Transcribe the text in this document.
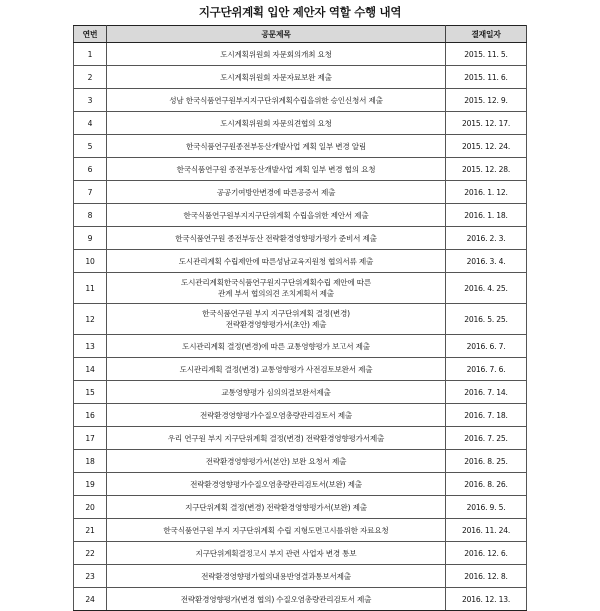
지구단위계획 입안 제안자 역할 수행 내역
연번	공문제목	결재일자
1	도시계획위원회 자문회의개최 요청	2015. 11. 5.
2	도시계획위원회 자문자료보완 제출	2015. 11. 6.
3	성남 한국식품연구원부지지구단위계획수립을위한 승인신청서 제출	2015. 12. 9.
4	도시계획위원회 자문의견협의 요청	2015. 12. 17.
5	한국식품연구원종전부동산개발사업 계획 일부 변경 알림	2015. 12. 24.
6	한국식품연구원 종전부동산개발사업 계획 일부 변경 협의 요청	2015. 12. 28.
7	공공기여방안변경에 따른공증서 제출	2016. 1. 12.
8	한국식품연구원부지지구단위계획 수립을위한 제안서 제출	2016. 1. 18.
9	한국식품연구원 종전부동산 전략환경영향평가평가 준비서 제출	2016. 2. 3.
10	도시관리계획 수립제안에 따른성남교육지원청 협의서류 제출	2016. 3. 4.
11	도시관리계획한국식품연구원지구단위계획수립 제안에 따른
관계 부서 협의의견 조치계획서 제출	2016. 4. 25.
12	한국식품연구원 부지 지구단위계획 결정(변경)
전략환경영향평가서(초안) 제출	2016. 5. 25.
13	도시관리계획 결정(변경)에 따른 교통영향평가 보고서 제출	2016. 6. 7.
14	도시관리계획 결정(변경) 교통영향평가 사전검토보완서 제출	2016. 7. 6.
15	교통영향평가 심의의결보완서제출	2016. 7. 14.
16	전략환경영향평가수질오염총량관리검토서 제출	2016. 7. 18.
17	우리 연구원 부지 지구단위계획 결정(변경) 전략환경영향평가서제출	2016. 7. 25.
18	전략환경영향평가서(본안) 보완 요청서 제출	2016. 8. 25.
19	전략환경영향평가수질오염총량관리검토서(보완) 제출	2016. 8. 26.
20	지구단위계획 결정(변경) 전략환경영향평가서(보완) 제출	2016. 9. 5.
21	한국식품연구원 부지 지구단위계획 수립 지형도면고시를위한 자료요청	2016. 11. 24.
22	지구단위계획결정고시 부지 관련 사업자 변경 통보	2016. 12. 6.
23	전략환경영향평가협의내용반영결과통보서제출	2016. 12. 8.
24	전략환경영향평가(변경 협의) 수질오염총량관리검토서 제출	2016. 12. 13.
